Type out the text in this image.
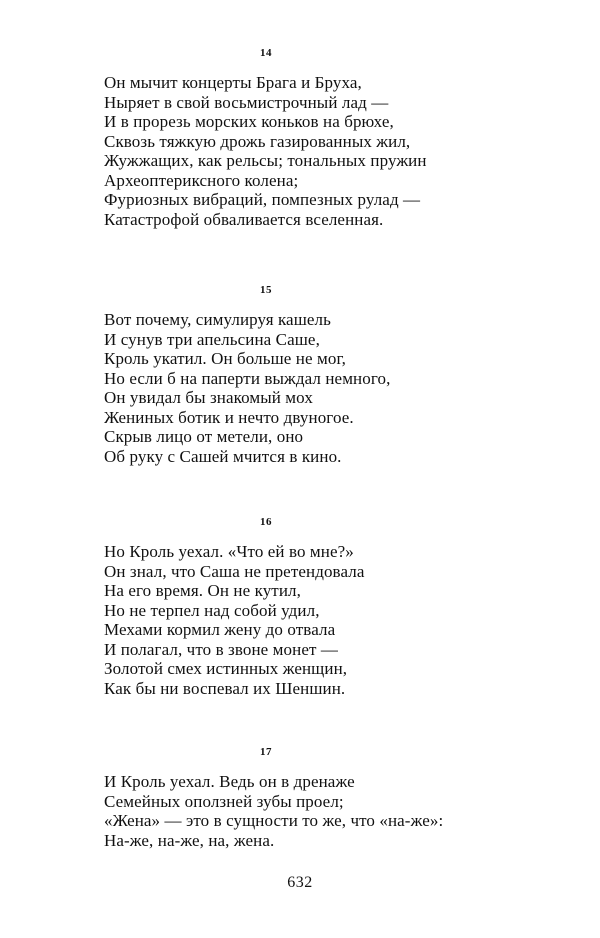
14
Он мычит концерты Брага и Бруха,
Ныряет в свой восьмистрочный лад —
И в прорезь морских коньков на брюхе,
Сквозь тяжкую дрожь газированных жил,
Жужжащих, как рельсы; тональных пружин
Археоптериксного колена;
Фуриозных вибраций, помпезных рулад —
Катастрофой обваливается вселенная.
15
Вот почему, симулируя кашель
И сунув три апельсина Саше,
Кроль укатил. Он больше не мог,
Но если б на паперти выждал немного,
Он увидал бы знакомый мох
Жениных ботик и нечто двуногое.
Скрыв лицо от метели, оно
Об руку с Сашей мчится в кино.
16
Но Кроль уехал. «Что ей во мне?»
Он знал, что Саша не претендовала
На его время. Он не кутил,
Но не терпел над собой удил,
Мехами кормил жену до отвала
И полагал, что в звоне монет —
Золотой смех истинных женщин,
Как бы ни воспевал их Шеншин.
17
И Кроль уехал. Ведь он в дренаже
Семейных оползней зубы проел;
«Жена» — это в сущности то же, что «на-же»:
На-же, на-же, на, жена.
632
